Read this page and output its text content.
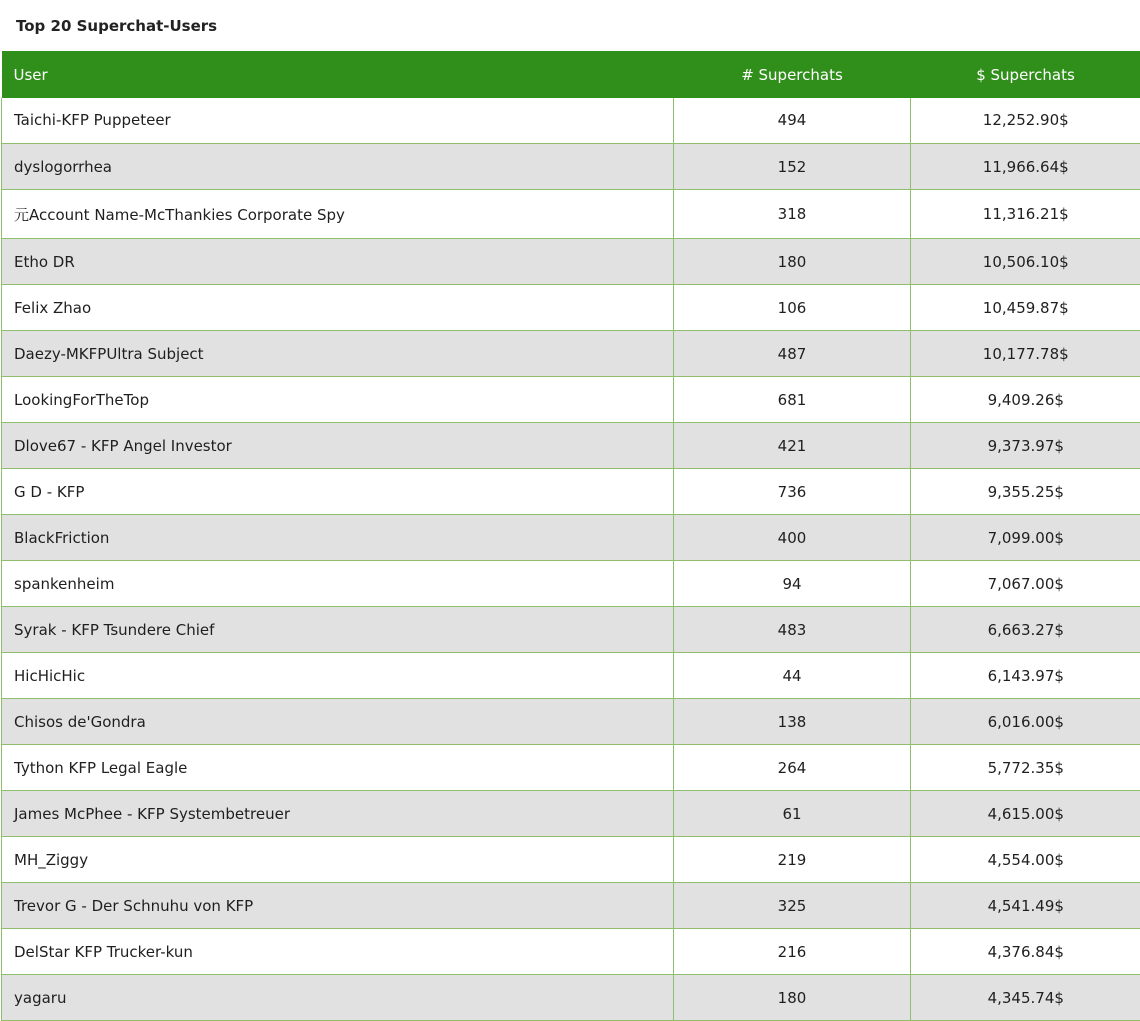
Top 20 Superchat-Users
User	# Superchats	$ Superchats
Taichi-KFP Puppeteer	494	12,252.90$
dyslogorrhea	152	11,966.64$
元Account Name-McThankies Corporate Spy	318	11,316.21$
Etho DR	180	10,506.10$
Felix Zhao	106	10,459.87$
Daezy-MKFPUltra Subject	487	10,177.78$
LookingForTheTop	681	9,409.26$
Dlove67 - KFP Angel Investor	421	9,373.97$
G D - KFP	736	9,355.25$
BlackFriction	400	7,099.00$
spankenheim	94	7,067.00$
Syrak - KFP Tsundere Chief	483	6,663.27$
HicHicHic	44	6,143.97$
Chisos de'Gondra	138	6,016.00$
Tython KFP Legal Eagle	264	5,772.35$
James McPhee - KFP Systembetreuer	61	4,615.00$
MH_Ziggy	219	4,554.00$
Trevor G - Der Schnuhu von KFP	325	4,541.49$
DelStar KFP Trucker-kun	216	4,376.84$
yagaru	180	4,345.74$
